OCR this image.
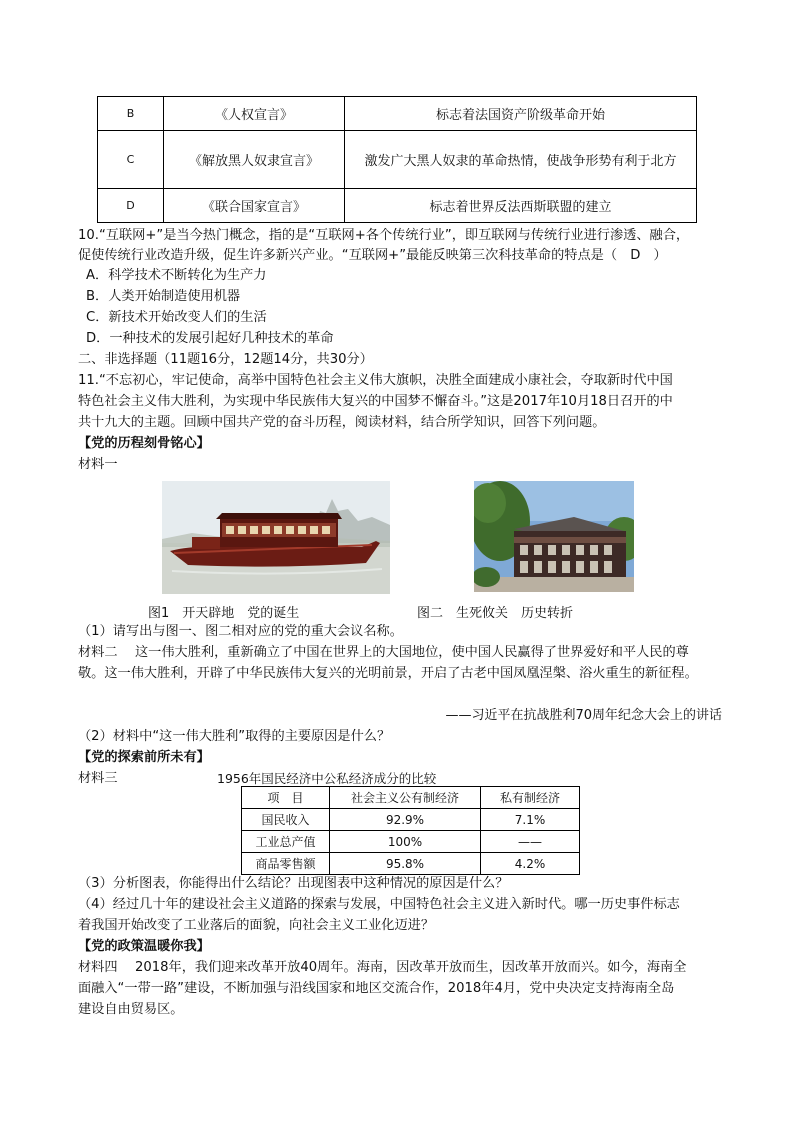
B	《人权宣言》	标志着法国资产阶级革命开始
C	《解放黑人奴隶宣言》	激发广大黑人奴隶的革命热情，使战争形势有利于北方
D	《联合国家宣言》	标志着世界反法西斯联盟的建立
10.“互联网+”是当今热门概念，指的是“互联网+各个传统行业”，即互联网与传统行业进行渗透、融合，
促使传统行业改造升级，促生许多新兴产业。“互联网+”最能反映第三次科技革命的特点是（　D　）
A．科学技术不断转化为生产力
B．人类开始制造使用机器
C．新技术开始改变人们的生活
D．一种技术的发展引起好几种技术的革命
二、非选择题（11题16分，12题14分，共30分）
11.“不忘初心，牢记使命，高举中国特色社会主义伟大旗帜，决胜全面建成小康社会，夺取新时代中国
特色社会主义伟大胜利，为实现中华民族伟大复兴的中国梦不懈奋斗。”这是2017年10月18日召开的中
共十九大的主题。回顾中国共产党的奋斗历程，阅读材料，结合所学知识，回答下列问题。
【党的历程刻骨铭心】
材料一
图1　开天辟地　党的诞生	图二　生死攸关　历史转折
（1）请写出与图一、图二相对应的党的重大会议名称。
材料二　 这一伟大胜利，重新确立了中国在世界上的大国地位，使中国人民赢得了世界爱好和平人民的尊
敬。这一伟大胜利，开辟了中华民族伟大复兴的光明前景，开启了古老中国凤凰涅槃、浴火重生的新征程。
——习近平在抗战胜利70周年纪念大会上的讲话
（2）材料中“这一伟大胜利”取得的主要原因是什么？
【党的探索前所未有】
材料三	1956年国民经济中公私经济成分的比较
项　目	社会主义公有制经济	私有制经济
国民收入	92.9%	7.1%
工业总产值	100%	——
商品零售额	95.8%	4.2%
（3）分析图表，你能得出什么结论？出现图表中这种情况的原因是什么？
（4）经过几十年的建设社会主义道路的探索与发展，中国特色社会主义进入新时代。哪一历史事件标志
着我国开始改变了工业落后的面貌，向社会主义工业化迈进？
【党的政策温暖你我】
材料四　 2018年，我们迎来改革开放40周年。海南，因改革开放而生，因改革开放而兴。如今，海南全
面融入“一带一路”建设，不断加强与沿线国家和地区交流合作，2018年4月，党中央决定支持海南全岛
建设自由贸易区。
